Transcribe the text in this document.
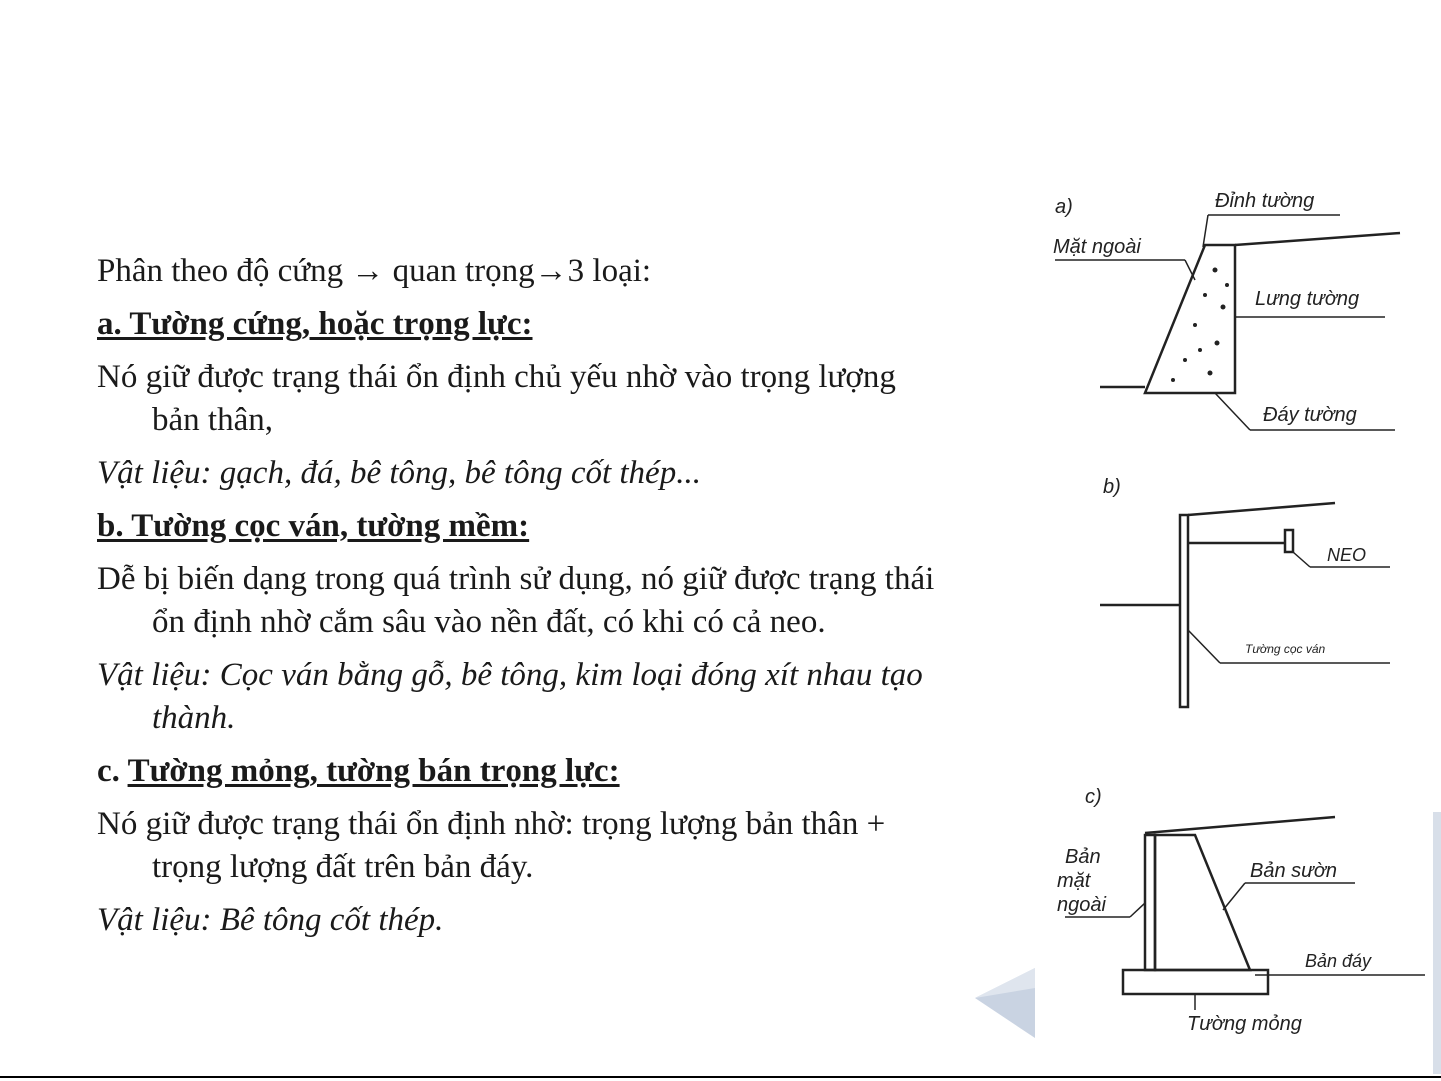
Phân theo độ cứng → quan trọng→3 loại:
a. Tường cứng, hoặc trọng lực:
Nó giữ được trạng thái ổn định chủ yếu nhờ vào trọng lượng
bản thân,
Vật liệu: gạch, đá, bê tông, bê tông cốt thép...
b. Tường cọc ván, tường mềm:
Dễ bị biến dạng trong quá trình sử dụng, nó giữ được trạng thái
ổn định nhờ cắm sâu vào nền đất, có khi có cả neo.
Vật liệu: Cọc ván bằng gỗ, bê tông, kim loại đóng xít nhau tạo
thành.
c. Tường mỏng, tường bán trọng lực:
Nó giữ được trạng thái ổn định nhờ: trọng lượng bản thân +
trọng lượng đất trên bản đáy.
Vật liệu: Bê tông cốt thép.
a)	Đỉnh tường
Mặt ngoài
Lưng tường
Đáy tường
b)
NEO
Tường cọc ván
c)
Bản
mặt
ngoài
Bản sườn
Bản đáy
Tường mỏng
